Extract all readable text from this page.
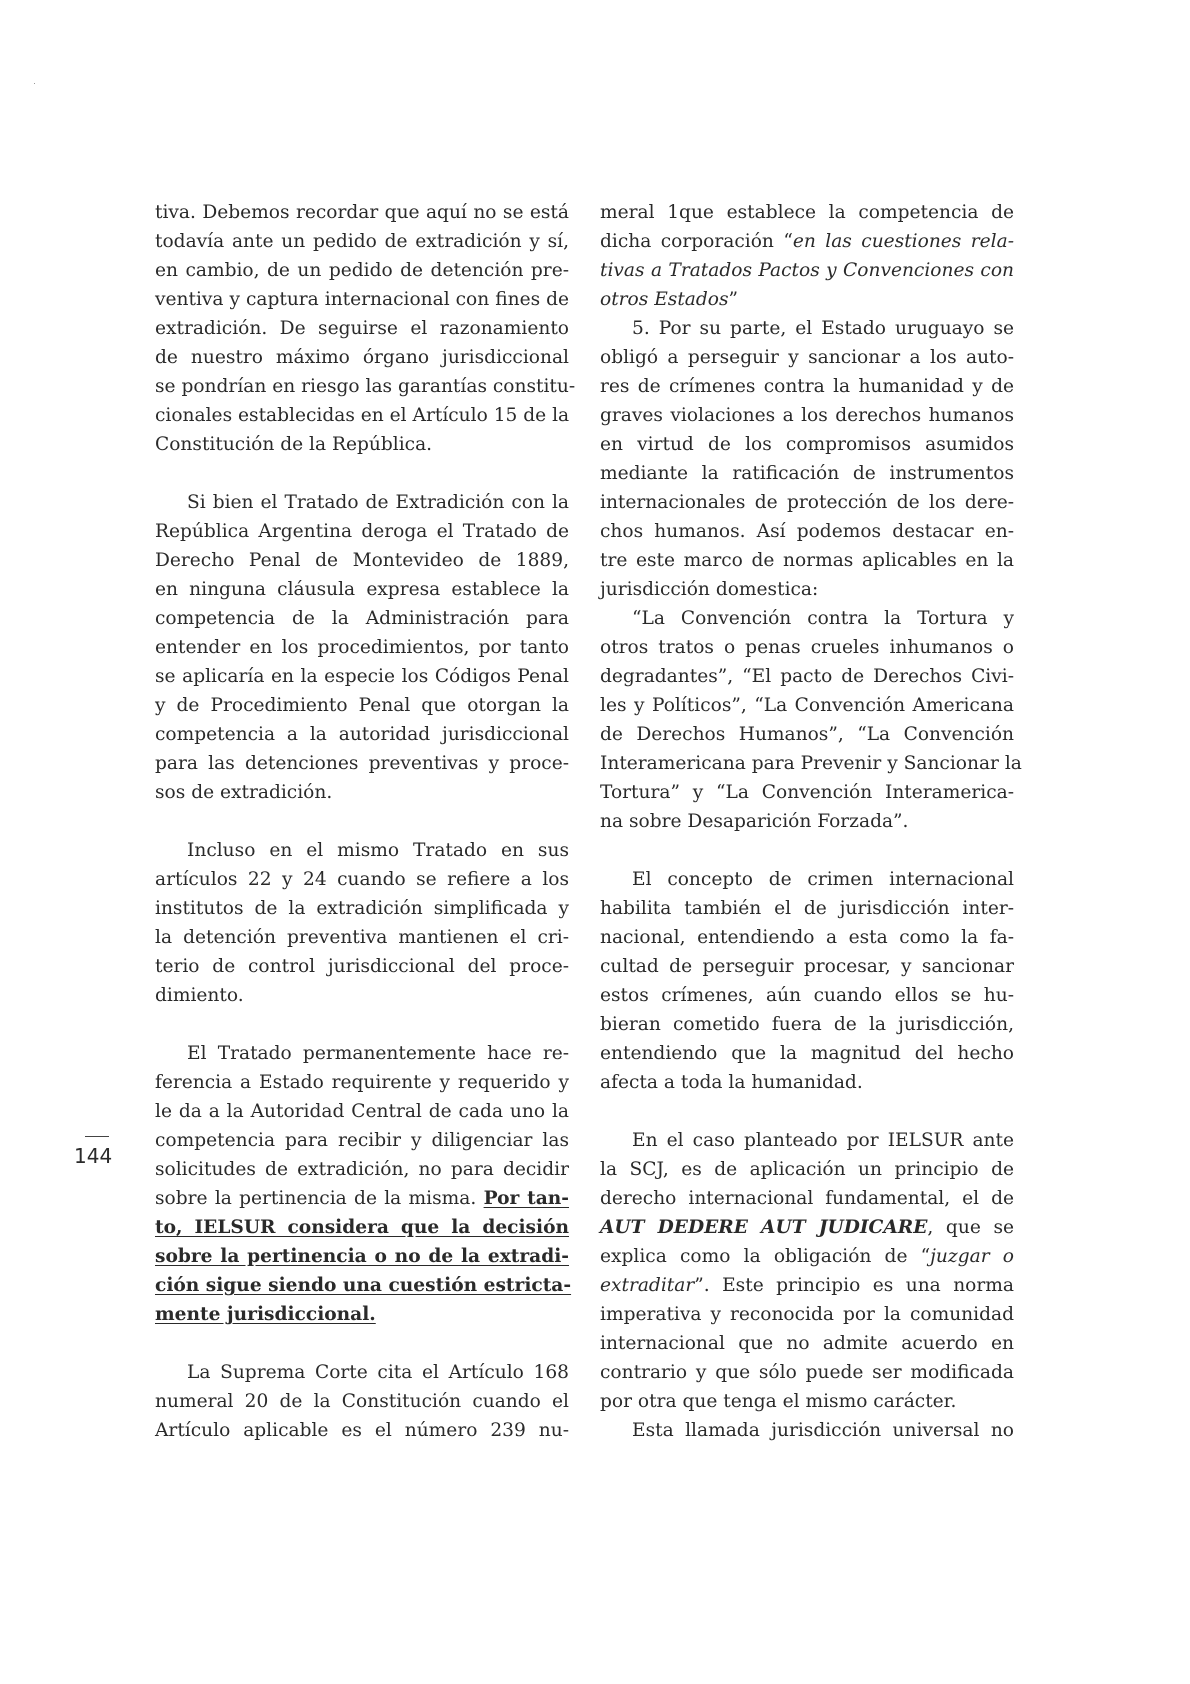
tiva. Debemos recordar que aquí no se está
todavía ante un pedido de extradición y sí,
en cambio, de un pedido de detención pre-
ventiva y captura internacional con fines de
extradición. De seguirse el razonamiento
de nuestro máximo órgano jurisdiccional
se pondrían en riesgo las garantías constitu-
cionales establecidas en el Artículo 15 de la
Constitución de la República.

Si bien el Tratado de Extradición con la
República Argentina deroga el Tratado de
Derecho Penal de Montevideo de 1889,
en ninguna cláusula expresa establece la
competencia de la Administración para
entender en los procedimientos, por tanto
se aplicaría en la especie los Códigos Penal
y de Procedimiento Penal que otorgan la
competencia a la autoridad jurisdiccional
para las detenciones preventivas y proce-
sos de extradición.

Incluso en el mismo Tratado en sus
artículos 22 y 24 cuando se refiere a los
institutos de la extradición simplificada y
la detención preventiva mantienen el cri-
terio de control jurisdiccional del proce-
dimiento.

El Tratado permanentemente hace re-
ferencia a Estado requirente y requerido y
le da a la Autoridad Central de cada uno la
competencia para recibir y diligenciar las
solicitudes de extradición, no para decidir
sobre la pertinencia de la misma. Por tan-
to, IELSUR considera que la decisión
sobre la pertinencia o no de la extradi-
ción sigue siendo una cuestión estricta-
mente jurisdiccional.

La Suprema Corte cita el Artículo 168
numeral 20 de la Constitución cuando el
Artículo aplicable es el número 239 nu-

meral 1que establece la competencia de
dicha corporación “en las cuestiones rela-
tivas a Tratados Pactos y Convenciones con
otros Estados”

5. Por su parte, el Estado uruguayo se
obligó a perseguir y sancionar a los auto-
res de crímenes contra la humanidad y de
graves violaciones a los derechos humanos
en virtud de los compromisos asumidos
mediante la ratificación de instrumentos
internacionales de protección de los dere-
chos humanos. Así podemos destacar en-
tre este marco de normas aplicables en la
jurisdicción domestica:

“La Convención contra la Tortura y
otros tratos o penas crueles inhumanos o
degradantes”, “El pacto de Derechos Civi-
les y Políticos”, “La Convención Americana
de Derechos Humanos”, “La Convención
Interamericana para Prevenir y Sancionar la
Tortura” y “La Convención Interamerica-
na sobre Desaparición Forzada”.

El concepto de crimen internacional
habilita también el de jurisdicción inter-
nacional, entendiendo a esta como la fa-
cultad de perseguir procesar, y sancionar
estos crímenes, aún cuando ellos se hu-
bieran cometido fuera de la jurisdicción,
entendiendo que la magnitud del hecho
afecta a toda la humanidad.

En el caso planteado por IELSUR ante
la SCJ, es de aplicación un principio de
derecho internacional fundamental, el de
AUT DEDERE AUT JUDICARE, que se
explica como la obligación de “juzgar o
extraditar”. Este principio es una norma
imperativa y reconocida por la comunidad
internacional que no admite acuerdo en
contrario y que sólo puede ser modificada
por otra que tenga el mismo carácter.

Esta llamada jurisdicción universal no

144
